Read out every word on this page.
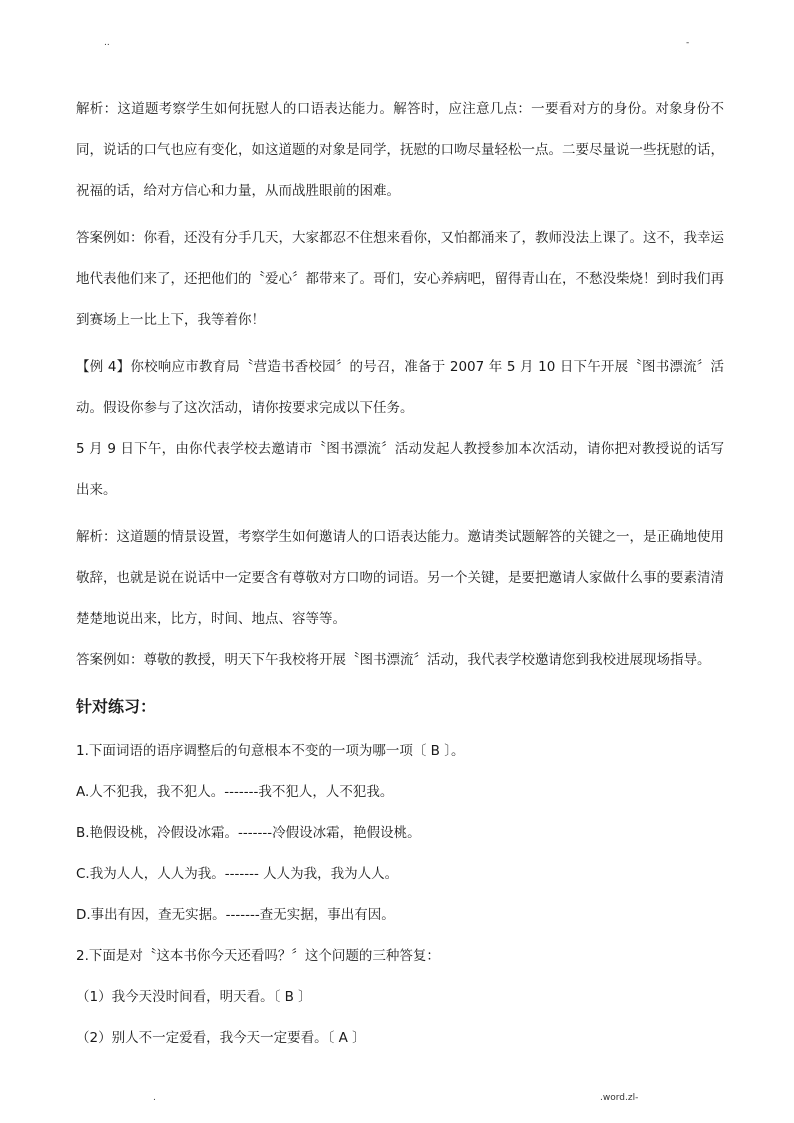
..	-

解析：这道题考察学生如何抚慰人的口语表达能力。解答时，应注意几点：一要看对方的身份。对象身份不同，说话的口气也应有变化，如这道题的对象是同学，抚慰的口吻尽量轻松一点。二要尽量说一些抚慰的话，祝福的话，给对方信心和力量，从而战胜眼前的困难。

答案例如：你看，还没有分手几天，大家都忍不住想来看你，又怕都涌来了，教师没法上课了。这不，我幸运地代表他们来了，还把他们的〝爱心〞都带来了。哥们，安心养病吧，留得青山在，不愁没柴烧！到时我们再到赛场上一比上下，我等着你！

【例 4】你校响应市教育局〝营造书香校园〞的号召，准备于 2007 年 5 月 10 日下午开展〝图书漂流〞活动。假设你参与了这次活动，请你按要求完成以下任务。

5 月 9 日下午，由你代表学校去邀请市〝图书漂流〞活动发起人教授参加本次活动，请你把对教授说的话写出来。

解析：这道题的情景设置，考察学生如何邀请人的口语表达能力。邀请类试题解答的关键之一，是正确地使用敬辞，也就是说在说话中一定要含有尊敬对方口吻的词语。另一个关键，是要把邀请人家做什么事的要素清清楚楚地说出来，比方，时间、地点、容等等。

答案例如：尊敬的教授，明天下午我校将开展〝图书漂流〞活动，我代表学校邀请您到我校进展现场指导。

针对练习：

1.下面词语的语序调整后的句意根本不变的一项为哪一项〔 B 〕。

A.人不犯我，我不犯人。-------我不犯人，人不犯我。

B.艳假设桃，冷假设冰霜。-------冷假设冰霜，艳假设桃。

C.我为人人，人人为我。------- 人人为我，我为人人。

D.事出有因，查无实据。-------查无实据，事出有因。

2.下面是对〝这本书你今天还看吗？〞这个问题的三种答复：

（1）我今天没时间看，明天看。〔 B 〕

（2）别人不一定爱看，我今天一定要看。〔 A 〕

.	.word.zl-
